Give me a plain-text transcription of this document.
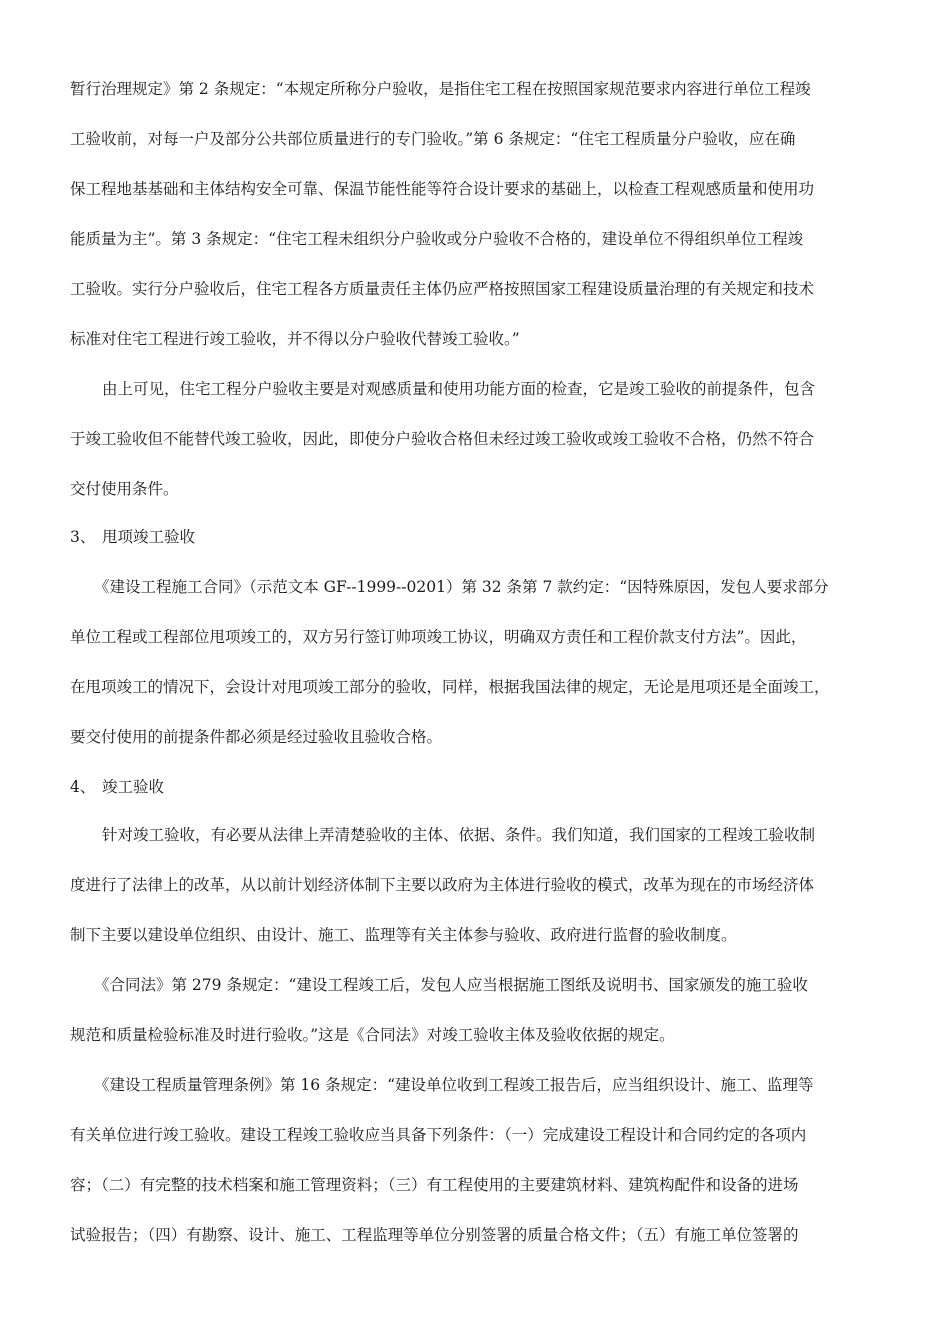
暂行治理规定》第 2 条规定：“本规定所称分户验收，是指住宅工程在按照国家规范要求内容进行单位工程竣
工验收前，对每一户及部分公共部位质量进行的专门验收。”第 6 条规定：“住宅工程质量分户验收，应在确
保工程地基基础和主体结构安全可靠、保温节能性能等符合设计要求的基础上，以检查工程观感质量和使用功
能质量为主”。第 3 条规定：“住宅工程未组织分户验收或分户验收不合格的，建设单位不得组织单位工程竣
工验收。实行分户验收后，住宅工程各方质量责任主体仍应严格按照国家工程建设质量治理的有关规定和技术
标准对住宅工程进行竣工验收，并不得以分户验收代替竣工验收。”
由上可见，住宅工程分户验收主要是对观感质量和使用功能方面的检查，它是竣工验收的前提条件，包含
于竣工验收但不能替代竣工验收，因此，即使分户验收合格但未经过竣工验收或竣工验收不合格，仍然不符合
交付使用条件。
3、 甩项竣工验收
《建设工程施工合同》（示范文本 GF--1999--0201）第 32 条第 7 款约定：“因特殊原因，发包人要求部分
单位工程或工程部位甩项竣工的，双方另行签订帅项竣工协议，明确双方责任和工程价款支付方法”。因此，
在甩项竣工的情况下，会设计对甩项竣工部分的验收，同样，根据我国法律的规定，无论是甩项还是全面竣工，
要交付使用的前提条件都必须是经过验收且验收合格。
4、 竣工验收
针对竣工验收，有必要从法律上弄清楚验收的主体、依据、条件。我们知道，我们国家的工程竣工验收制
度进行了法律上的改革，从以前计划经济体制下主要以政府为主体进行验收的模式，改革为现在的市场经济体
制下主要以建设单位组织、由设计、施工、监理等有关主体参与验收、政府进行监督的验收制度。
《合同法》第 279 条规定：“建设工程竣工后，发包人应当根据施工图纸及说明书、国家颁发的施工验收
规范和质量检验标准及时进行验收。”这是《合同法》对竣工验收主体及验收依据的规定。
《建设工程质量管理条例》第 16 条规定：“建设单位收到工程竣工报告后，应当组织设计、施工、监理等
有关单位进行竣工验收。建设工程竣工验收应当具备下列条件：（一）完成建设工程设计和合同约定的各项内
容；（二）有完整的技术档案和施工管理资料；（三）有工程使用的主要建筑材料、建筑构配件和设备的进场
试验报告；（四）有勘察、设计、施工、工程监理等单位分别签署的质量合格文件；（五）有施工单位签署的
